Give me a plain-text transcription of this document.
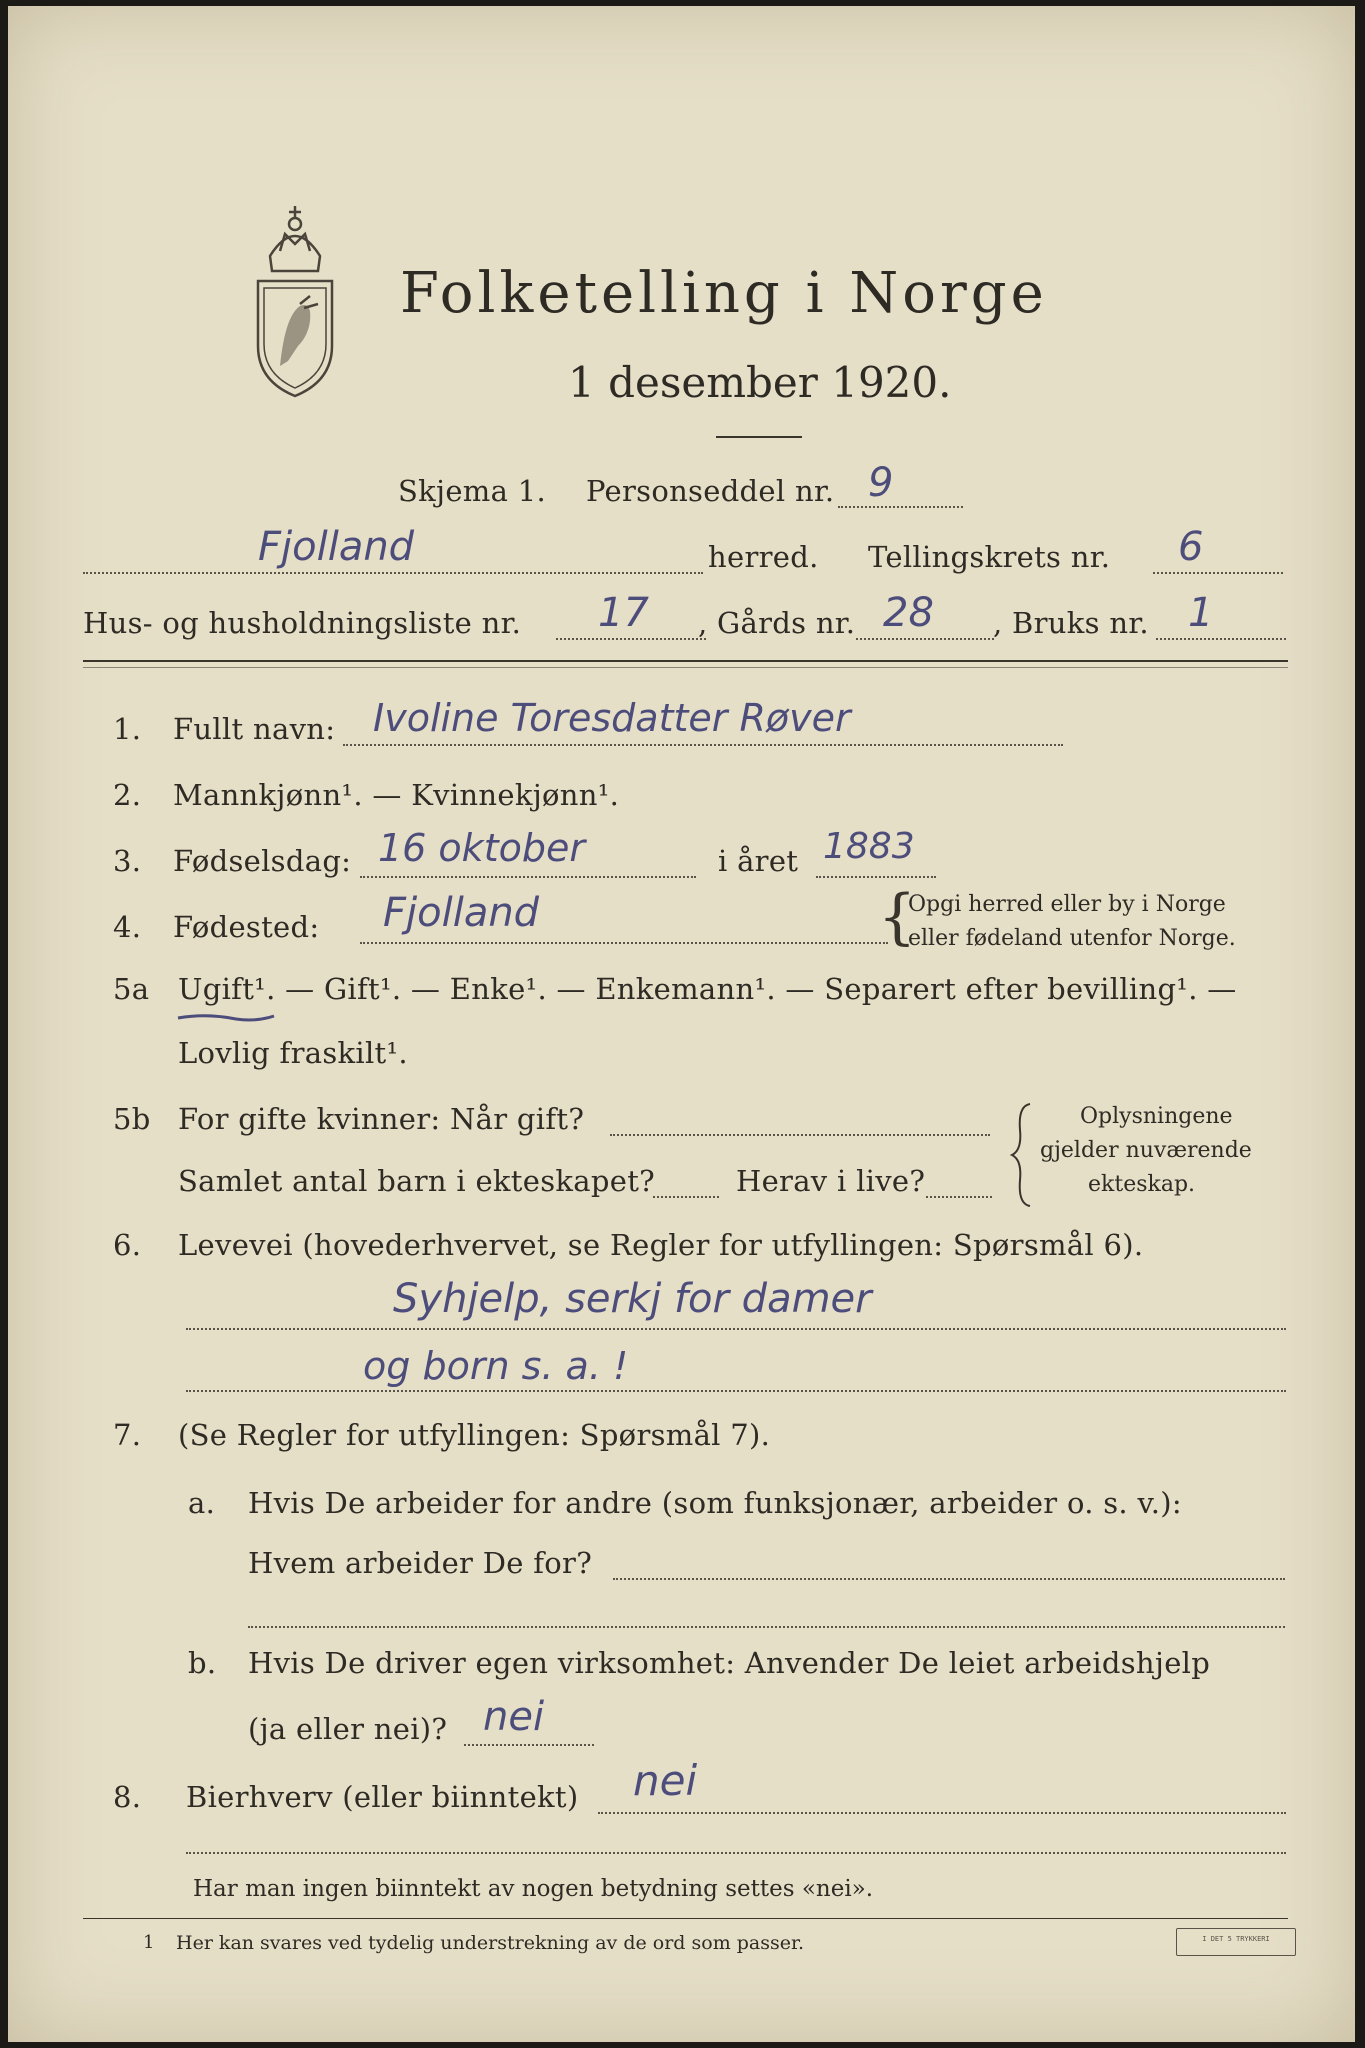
Folketelling i Norge
1 desember 1920.
Skjema 1. Personseddel nr. 9
Fjolland	herred. Tellingskrets nr. 6
Hus- og husholdningsliste nr. 17 , Gårds nr. 28 , Bruks nr. 1
1. Fullt navn: Ivoline Toresdatter Røver
2. Mannkjønn¹. — Kvinnekjønn¹.
3. Fødselsdag: 16 oktober	i året 1883
4. Fødested: Fjolland	{
Opgi herred eller by i Norge
eller fødeland utenfor Norge.
5a Ugift¹. — Gift¹. — Enke¹. — Enkemann¹. — Separert efter bevilling¹. —
Lovlig fraskilt¹.
5b For gifte kvinner: Når gift?
Samlet antal barn i ekteskapet?	Herav i live?
Oplysningene
gjelder nuværende
ekteskap.
6. Levevei (hovederhvervet, se Regler for utfyllingen: Spørsmål 6).
Syhjelp, serkj for damer
og born s. a. !
7. (Se Regler for utfyllingen: Spørsmål 7).
a. Hvis De arbeider for andre (som funksjonær, arbeider o. s. v.):
Hvem arbeider De for?
b. Hvis De driver egen virksomhet: Anvender De leiet arbeidshjelp
(ja eller nei)? nei
8. Bierhverv (eller biinntekt) nei
Har man ingen biinntekt av nogen betydning settes «nei».
1 Her kan svares ved tydelig understrekning av de ord som passer.	I DET 5 TRYKKERI
